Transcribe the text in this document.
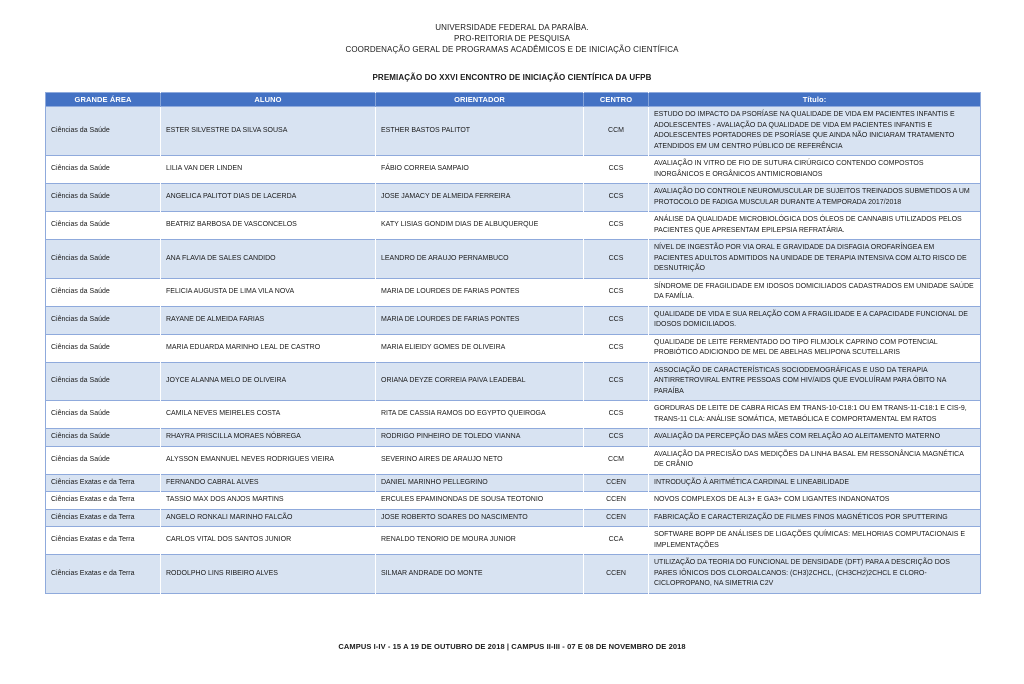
UNIVERSIDADE FEDERAL DA PARAÍBA.
PRO-REITORIA DE PESQUISA
COORDENAÇÃO GERAL DE PROGRAMAS ACADÊMICOS E DE INICIAÇÃO CIENTÍFICA
PREMIAÇÃO DO XXVI ENCONTRO DE INICIAÇÃO CIENTÍFICA DA UFPB
GRANDE ÁREA	ALUNO	ORIENTADOR	CENTRO	Título:
Ciências da Saúde	ESTER SILVESTRE DA SILVA SOUSA	ESTHER BASTOS PALITOT	CCM	ESTUDO DO IMPACTO DA PSORÍASE NA QUALIDADE DE VIDA EM PACIENTES INFANTIS E ADOLESCENTES - AVALIAÇÃO DA QUALIDADE DE VIDA EM PACIENTES INFANTIS E ADOLESCENTES PORTADORES DE PSORÍASE QUE AINDA NÃO INICIARAM TRATAMENTO ATENDIDOS EM UM CENTRO PÚBLICO DE REFERÊNCIA
Ciências da Saúde	LILIA VAN DER LINDEN	FÁBIO CORREIA SAMPAIO	CCS	AVALIAÇÃO IN VITRO DE FIO DE SUTURA CIRÚRGICO CONTENDO COMPOSTOS INORGÂNICOS E ORGÂNICOS ANTIMICROBIANOS
Ciências da Saúde	ANGELICA PALITOT DIAS DE LACERDA	JOSE JAMACY DE ALMEIDA FERREIRA	CCS	AVALIAÇÃO DO CONTROLE NEUROMUSCULAR DE SUJEITOS TREINADOS SUBMETIDOS A UM PROTOCOLO DE FADIGA MUSCULAR DURANTE A TEMPORADA 2017/2018
Ciências da Saúde	BEATRIZ BARBOSA DE VASCONCELOS	KATY LISIAS GONDIM DIAS DE ALBUQUERQUE	CCS	ANÁLISE DA QUALIDADE MICROBIOLÓGICA DOS ÓLEOS DE CANNABIS UTILIZADOS PELOS PACIENTES QUE APRESENTAM EPILEPSIA REFRATÁRIA.
Ciências da Saúde	ANA FLAVIA DE SALES CANDIDO	LEANDRO DE ARAUJO PERNAMBUCO	CCS	NÍVEL DE INGESTÃO POR VIA ORAL E GRAVIDADE DA DISFAGIA OROFARÍNGEA EM PACIENTES ADULTOS ADMITIDOS NA UNIDADE DE TERAPIA INTENSIVA COM ALTO RISCO DE DESNUTRIÇÃO
Ciências da Saúde	FELICIA AUGUSTA DE LIMA VILA NOVA	MARIA DE LOURDES DE FARIAS PONTES	CCS	SÍNDROME DE FRAGILIDADE EM IDOSOS DOMICILIADOS CADASTRADOS EM UNIDADE SAÚDE DA FAMÍLIA.
Ciências da Saúde	RAYANE DE ALMEIDA FARIAS	MARIA DE LOURDES DE FARIAS PONTES	CCS	QUALIDADE DE VIDA E SUA RELAÇÃO COM A FRAGILIDADE E A CAPACIDADE FUNCIONAL DE IDOSOS DOMICILIADOS.
Ciências da Saúde	MARIA EDUARDA MARINHO LEAL DE CASTRO	MARIA ELIEIDY GOMES DE OLIVEIRA	CCS	QUALIDADE DE LEITE FERMENTADO DO TIPO FILMJOLK CAPRINO COM POTENCIAL PROBIÓTICO ADICIONDO DE MEL DE ABELHAS MELIPONA SCUTELLARIS
Ciências da Saúde	JOYCE ALANNA MELO DE OLIVEIRA	ORIANA DEYZE CORREIA PAIVA LEADEBAL	CCS	ASSOCIAÇÃO DE CARACTERÍSTICAS SOCIODEMOGRÁFICAS E USO DA TERAPIA ANTIRRETROVIRAL ENTRE PESSOAS COM HIV/AIDS QUE EVOLUÍRAM PARA ÓBITO NA PARAÍBA
Ciências da Saúde	CAMILA NEVES MEIRELES COSTA	RITA DE CASSIA RAMOS DO EGYPTO QUEIROGA	CCS	GORDURAS DE LEITE DE CABRA RICAS EM TRANS-10-C18:1 OU EM TRANS-11-C18:1 E CIS-9, TRANS-11 CLA: ANÁLISE SOMÁTICA, METABÓLICA E COMPORTAMENTAL EM RATOS
Ciências da Saúde	RHAYRA PRISCILLA MORAES NÓBREGA	RODRIGO PINHEIRO DE TOLEDO VIANNA	CCS	AVALIAÇÃO DA PERCEPÇÃO DAS MÃES COM RELAÇÃO AO ALEITAMENTO MATERNO
Ciências da Saúde	ALYSSON EMANNUEL NEVES RODRIGUES VIEIRA	SEVERINO AIRES DE ARAUJO NETO	CCM	AVALIAÇÃO DA PRECISÃO DAS MEDIÇÕES DA LINHA BASAL EM RESSONÂNCIA MAGNÉTICA DE CRÂNIO
Ciências Exatas e da Terra	FERNANDO CABRAL ALVES	DANIEL MARINHO PELLEGRINO	CCEN	INTRODUÇÃO À ARITMÉTICA CARDINAL E LINEABILIDADE
Ciências Exatas e da Terra	TASSIO MAX DOS ANJOS MARTINS	ERCULES EPAMINONDAS DE SOUSA TEOTONIO	CCEN	NOVOS COMPLEXOS DE AL3+ E GA3+ COM LIGANTES INDANONATOS
Ciências Exatas e da Terra	ANGELO RONKALI MARINHO FALCÃO	JOSE ROBERTO SOARES DO NASCIMENTO	CCEN	FABRICAÇÃO E CARACTERIZAÇÃO DE FILMES FINOS MAGNÉTICOS POR SPUTTERING
Ciências Exatas e da Terra	CARLOS VITAL DOS SANTOS JUNIOR	RENALDO TENORIO DE MOURA JUNIOR	CCA	SOFTWARE BOPP DE ANÁLISES DE LIGAÇÕES QUÍMICAS: MELHORIAS COMPUTACIONAIS E IMPLEMENTAÇÕES
Ciências Exatas e da Terra	RODOLPHO LINS RIBEIRO ALVES	SILMAR ANDRADE DO MONTE	CCEN	UTILIZAÇÃO DA TEORIA DO FUNCIONAL DE DENSIDADE (DFT) PARA A DESCRIÇÃO DOS PARES IÔNICOS DOS CLOROALCANOS: (CH3)2CHCL, (CH3CH2)2CHCL E CLORO-CICLOPROPANO, NA SIMETRIA C2V
CAMPUS I-IV - 15 A 19 DE OUTUBRO DE 2018 | CAMPUS II-III - 07 E 08 DE NOVEMBRO DE 2018
